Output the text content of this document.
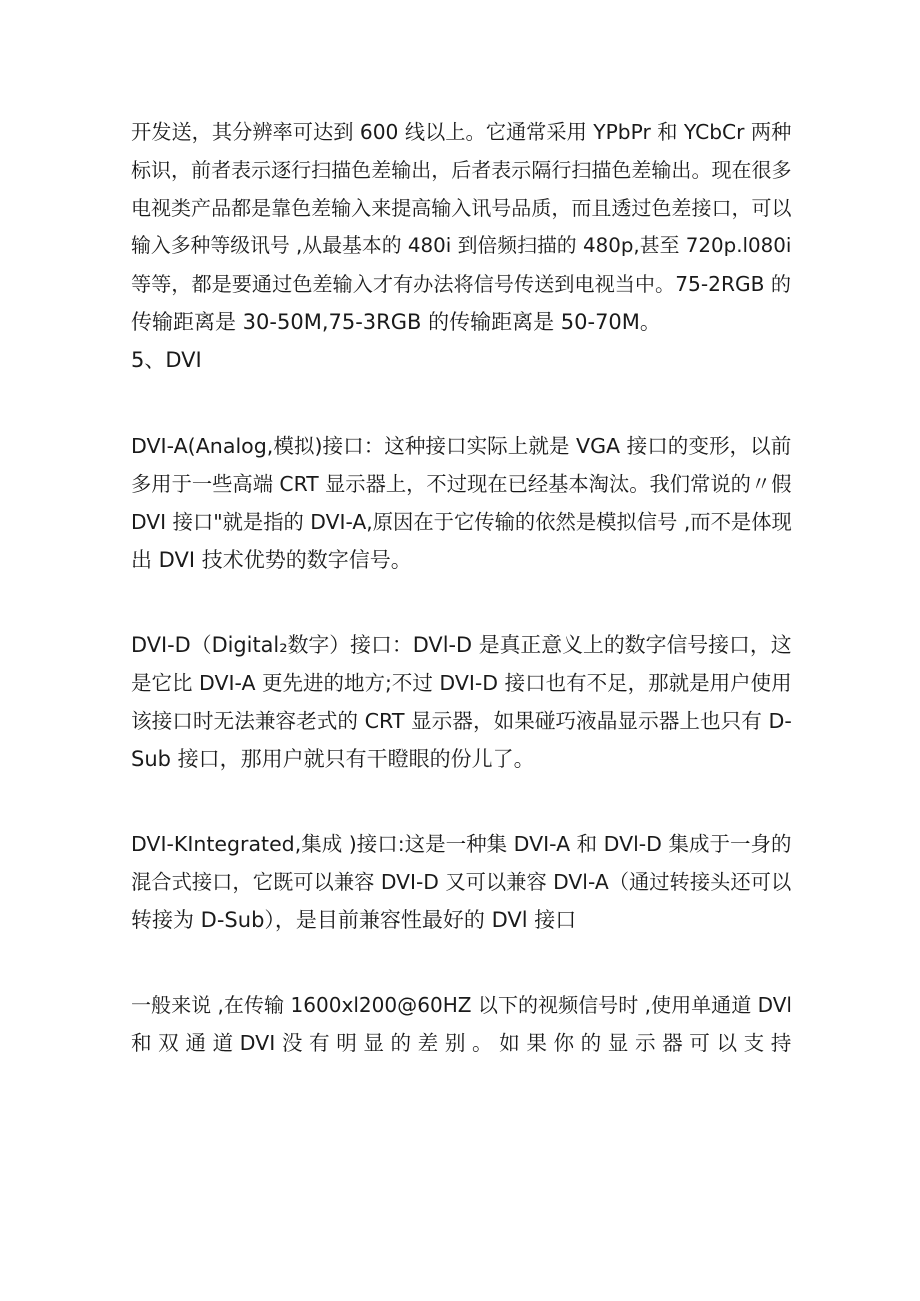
开发送，其分辨率可达到 600 线以上。它通常采用 YPbPr 和 YCbCr 两种
标识，前者表示逐行扫描色差输出，后者表示隔行扫描色差输出。现在很多
电视类产品都是靠色差输入来提高输入讯号品质，而且透过色差接口，可以
输入多种等级讯号 ,从最基本的 480i 到倍频扫描的 480p,甚至 720p.l080i
等等，都是要通过色差输入才有办法将信号传送到电视当中。75-2RGB 的
传输距离是 30-50M,75-3RGB 的传输距离是 50-70M。
5、DVI
DVI-A(Analog,模拟)接口：这种接口实际上就是 VGA 接口的变形，以前
多用于一些高端 CRT 显示器上，不过现在已经基本淘汰。我们常说的〃假
DVI 接口"就是指的 DVI-A,原因在于它传输的依然是模拟信号 ,而不是体现
出 DVI 技术优势的数字信号。
DVI-D（Digital₂数字）接口：DVl-D 是真正意义上的数字信号接口，这
是它比 DVI-A 更先进的地方;不过 DVI-D 接口也有不足，那就是用户使用
该接口时无法兼容老式的 CRT 显示器，如果碰巧液晶显示器上也只有 D-
Sub 接口，那用户就只有干瞪眼的份儿了。
DVI-KIntegrated,集成 )接口:这是一种集 DVI-A 和 DVl-D 集成于一身的
混合式接口，它既可以兼容 DVI-D 又可以兼容 DVl-A（通过转接头还可以
转接为 D-Sub），是目前兼容性最好的 DVl 接口
一般来说 ,在传输 1600xl200@60HZ 以下的视频信号时 ,使用单通道 DVl
和 双 通 道 DVI 没 有 明 显 的 差 别 。 如 果 你 的 显 示 器 可 以 支 持
